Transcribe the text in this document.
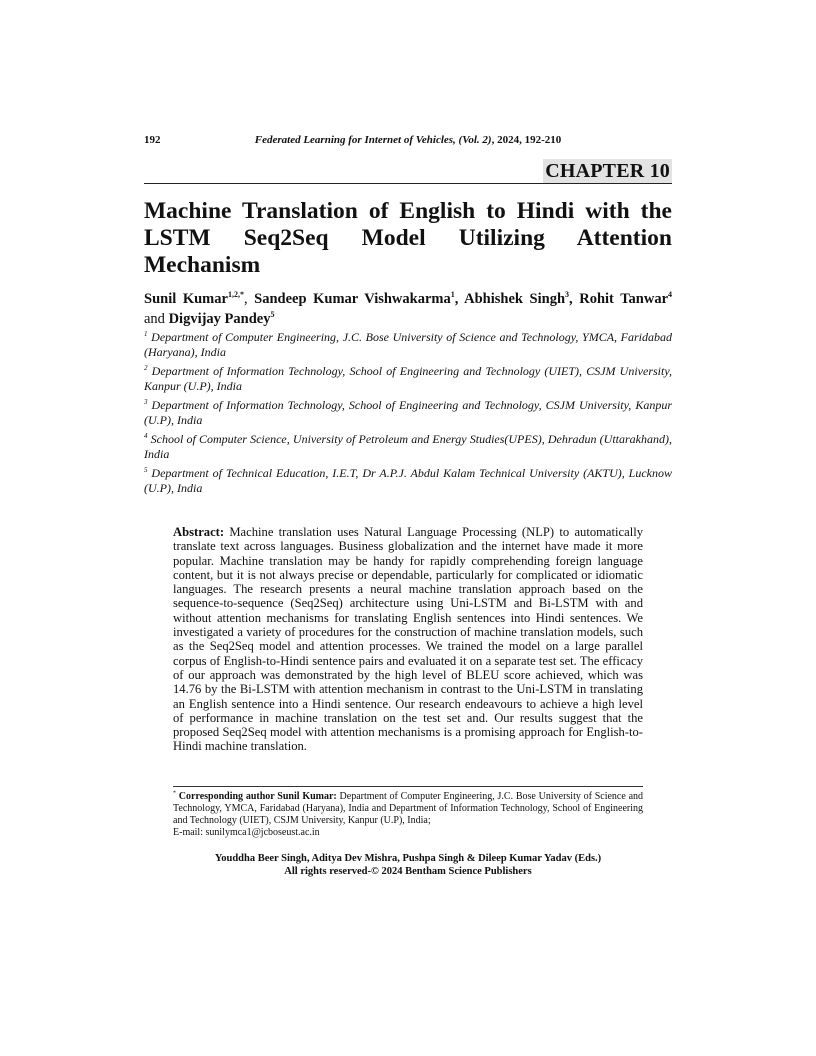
192	Federated Learning for Internet of Vehicles, (Vol. 2), 2024, 192-210
CHAPTER 10
Machine Translation of English to Hindi with the LSTM Seq2Seq Model Utilizing Attention Mechanism

Sunil Kumar$^{1,2,*}$, Sandeep Kumar Vishwakarma$^1$, Abhishek Singh$^3$, Rohit Tanwar$^4$ and Digvijay Pandey$^5$

$^1$ Department of Computer Engineering, J.C. Bose University of Science and Technology, YMCA, Faridabad (Haryana), India

$^2$ Department of Information Technology, School of Engineering and Technology (UIET), CSJM University, Kanpur (U.P), India

$^3$ Department of Information Technology, School of Engineering and Technology, CSJM University, Kanpur (U.P), India

$^4$ School of Computer Science, University of Petroleum and Energy Studies(UPES), Dehradun (Uttarakhand), India

$^5$ Department of Technical Education, I.E.T, Dr A.P.J. Abdul Kalam Technical University (AKTU), Lucknow (U.P), India

Abstract: Machine translation uses Natural Language Processing (NLP) to automatically translate text across languages. Business globalization and the internet have made it more popular. Machine translation may be handy for rapidly comprehending foreign language content, but it is not always precise or dependable, particularly for complicated or idiomatic languages. The research presents a neural machine translation approach based on the sequence-to-sequence (Seq2Seq) architecture using Uni-LSTM and Bi-LSTM with and without attention mechanisms for translating English sentences into Hindi sentences. We investigated a variety of procedures for the construction of machine translation models, such as the Seq2Seq model and attention processes. We trained the model on a large parallel corpus of English-to-Hindi sentence pairs and evaluated it on a separate test set. The efficacy of our approach was demonstrated by the high level of BLEU score achieved, which was 14.76 by the Bi-LSTM with attention mechanism in contrast to the Uni-LSTM in translating an English sentence into a Hindi sentence. Our research endeavours to achieve a high level of performance in machine translation on the test set and. Our results suggest that the proposed Seq2Seq model with attention mechanisms is a promising approach for English-to-Hindi machine translation.

* Corresponding author Sunil Kumar: Department of Computer Engineering, J.C. Bose University of Science and Technology, YMCA, Faridabad (Haryana), India and Department of Information Technology, School of Engineering and Technology (UIET), CSJM University, Kanpur (U.P), India;
E-mail: sunilymca1@jcboseust.ac.in

Youddha Beer Singh, Aditya Dev Mishra, Pushpa Singh & Dileep Kumar Yadav (Eds.)
All rights reserved-© 2024 Bentham Science Publishers
